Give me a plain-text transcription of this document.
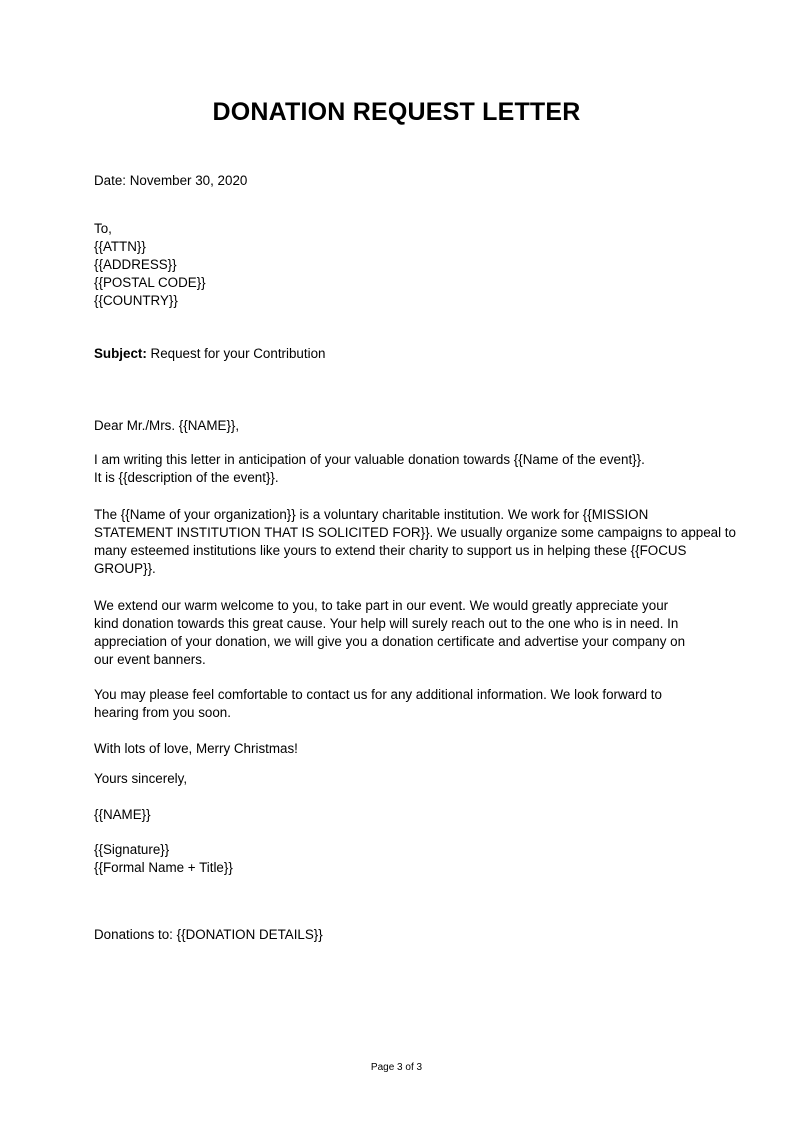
DONATION REQUEST LETTER
Date: November 30, 2020
To,
{{ATTN}}
{{ADDRESS}}
{{POSTAL CODE}}
{{COUNTRY}}
Subject: Request for your Contribution
Dear Mr./Mrs. {{NAME}},
I am writing this letter in anticipation of your valuable donation towards {{Name of the event}}.
It is {{description of the event}}.
The {{Name of your organization}} is a voluntary charitable institution. We work for {{MISSION
STATEMENT INSTITUTION THAT IS SOLICITED FOR}}. We usually organize some campaigns to appeal to
many esteemed institutions like yours to extend their charity to support us in helping these {{FOCUS
GROUP}}.
We extend our warm welcome to you, to take part in our event. We would greatly appreciate your
kind donation towards this great cause. Your help will surely reach out to the one who is in need. In
appreciation of your donation, we will give you a donation certificate and advertise your company on
our event banners.
You may please feel comfortable to contact us for any additional information. We look forward to
hearing from you soon.
With lots of love, Merry Christmas!
Yours sincerely,
{{NAME}}
{{Signature}}
{{Formal Name + Title}}
Donations to: {{DONATION DETAILS}}
Page 3 of 3
